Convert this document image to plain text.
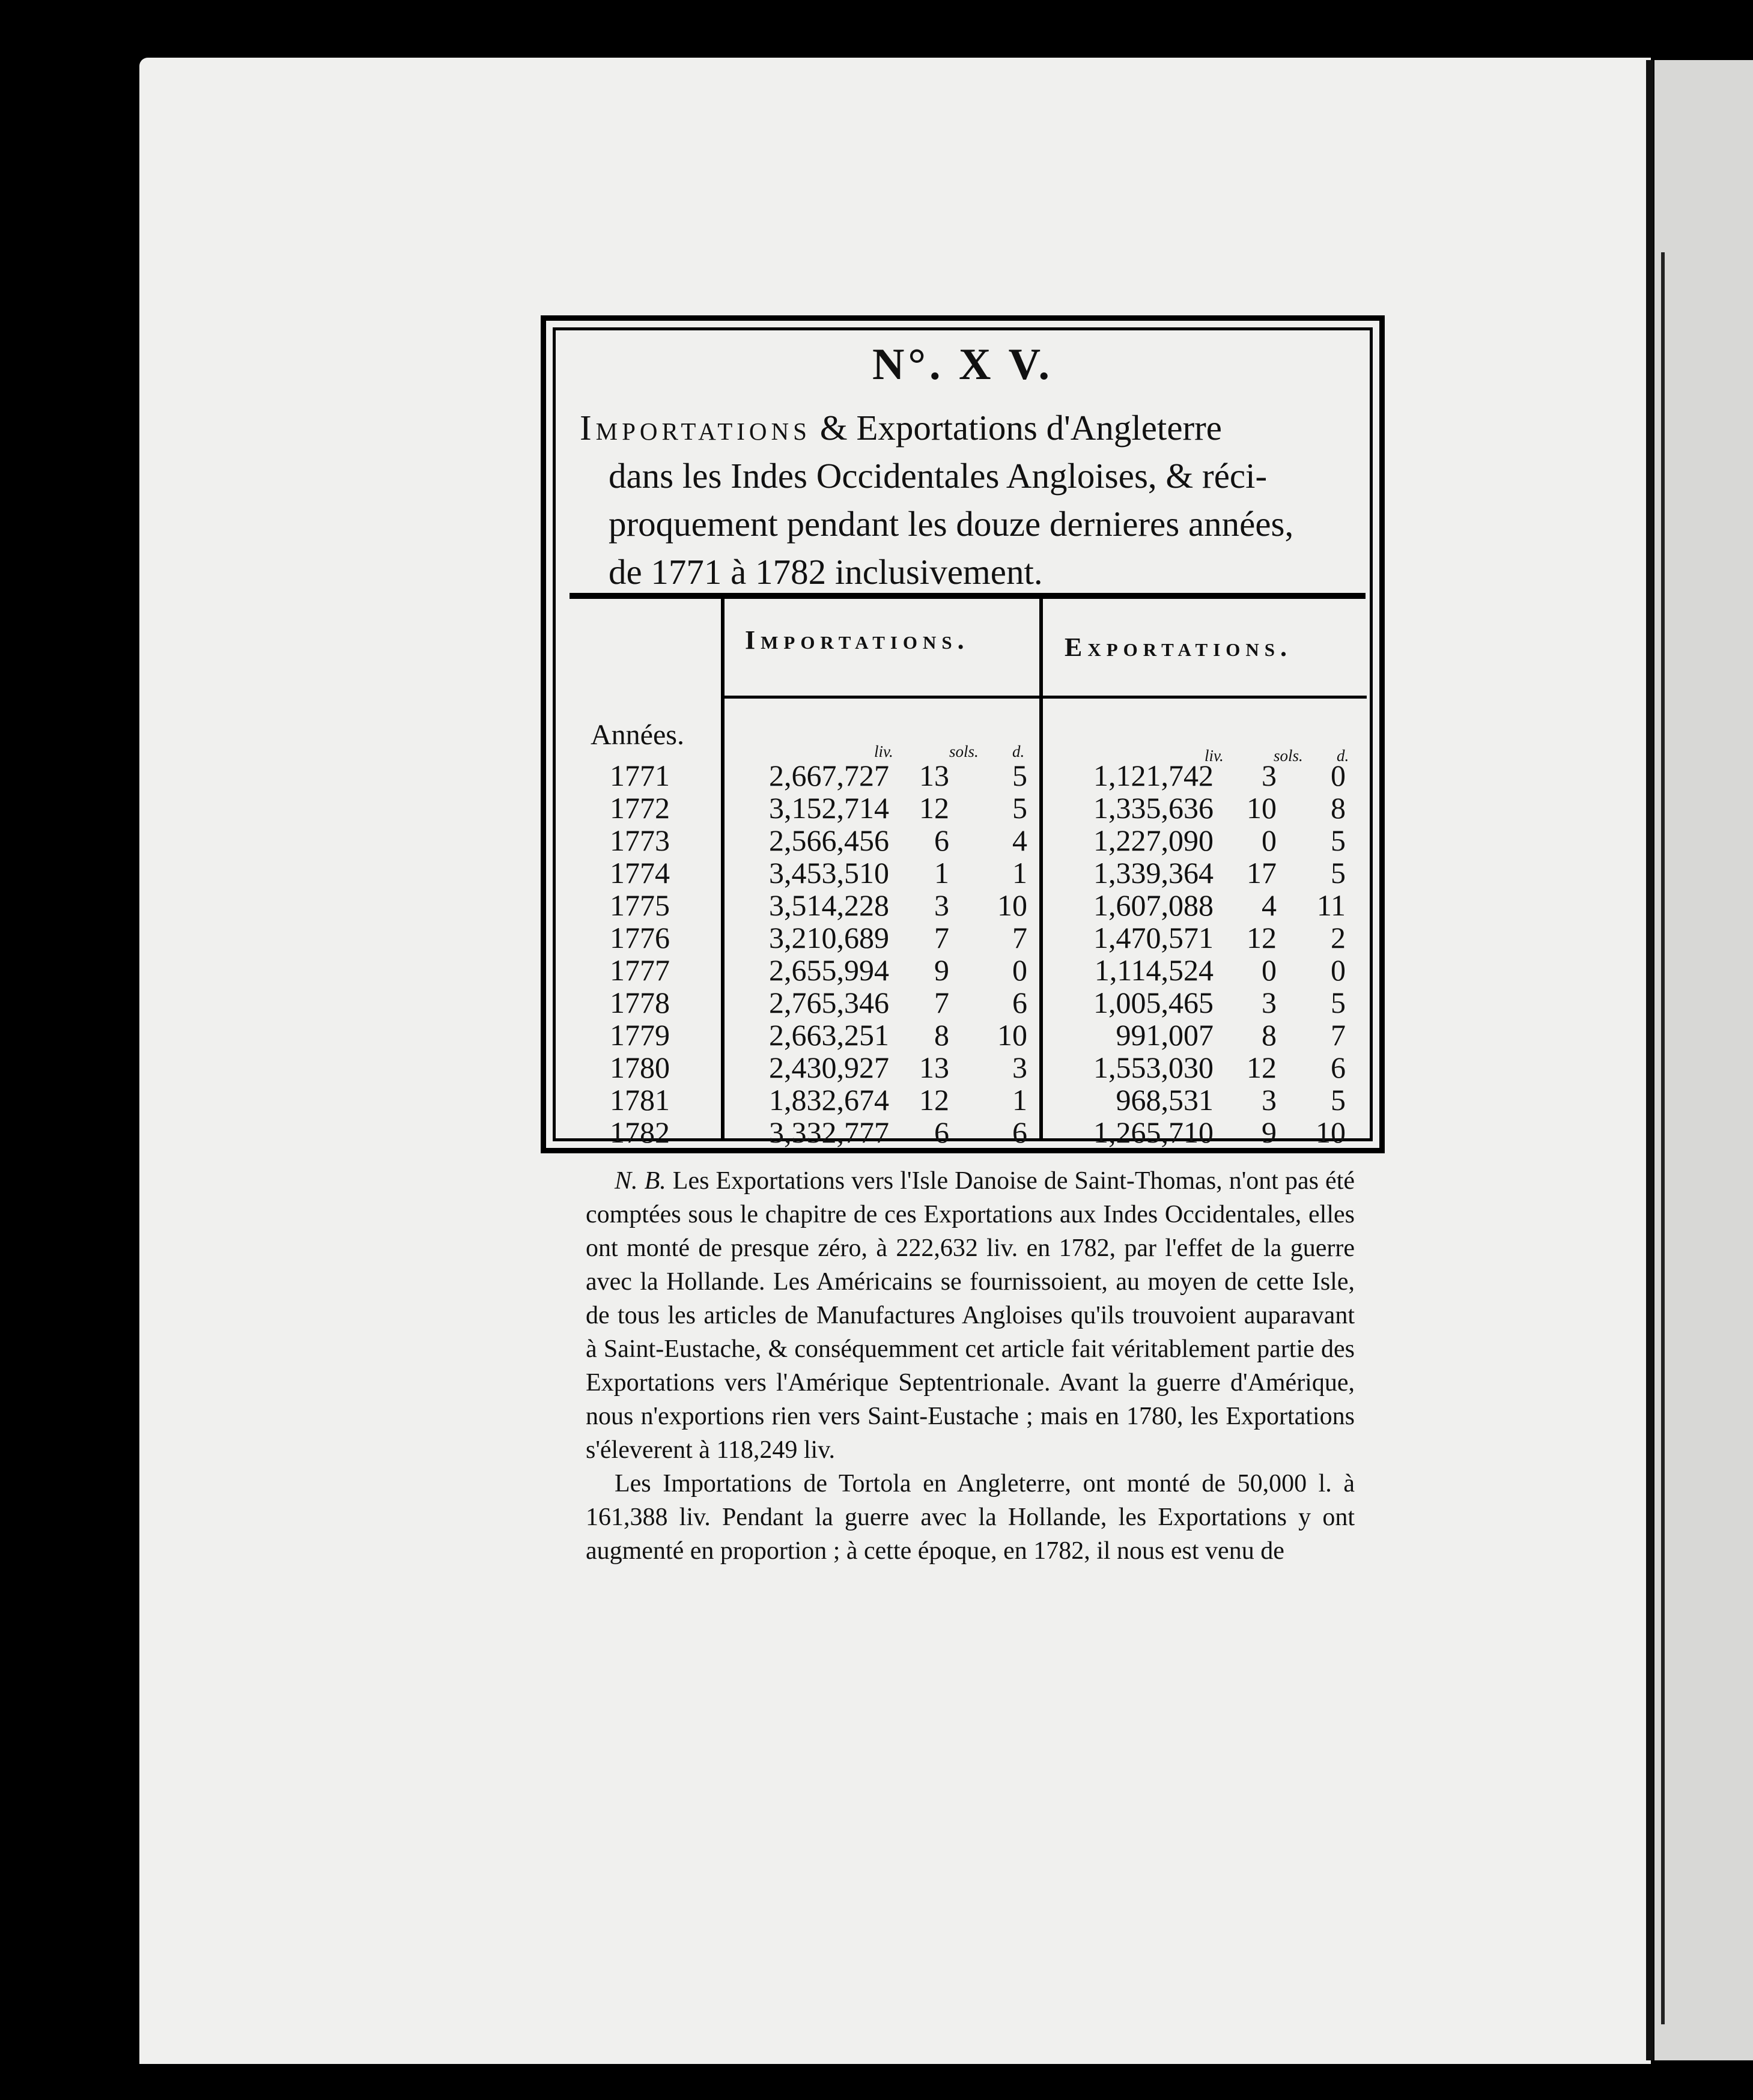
N°. X V.
Importations & Exportations d'Angleterre
dans les Indes Occidentales Angloises, & réci-
proquement pendant les douze dernieres années,
de 1771 à 1782 inclusivement.
Importations.	Exportations.
Années.
liv.	sols. d.	liv.	sols. d.
1771	2,667,727	13	5	1,121,742	3	0
1772	3,152,714	12	5	1,335,636	10	8
1773	2,566,456	6	4	1,227,090	0	5
1774	3,453,510	1	1	1,339,364	17	5
1775	3,514,228	3	10	1,607,088	4	11
1776	3,210,689	7	7	1,470,571	12	2
1777	2,655,994	9	0	1,114,524	0	0
1778	2,765,346	7	6	1,005,465	3	5
1779	2,663,251	8	10	991,007	8	7
1780	2,430,927	13	3	1,553,030	12	6
1781	1,832,674	12	1	968,531	3	5
1782	3,332,777	6	6	1,265,710	9	10

N. B. Les Exportations vers l'Isle Danoise de Saint-Thomas, n'ont pas été comptées sous le chapitre de ces Exportations aux Indes Occidentales, elles ont monté de presque zéro, à 222,632 liv. en 1782, par l'effet de la guerre avec la Hollande. Les Américains se fournissoient, au moyen de cette Isle, de tous les articles de Manufactures Angloises qu'ils trouvoient auparavant à Saint-Eustache, & conséquemment cet article fait véritablement partie des Exportations vers l'Amérique Septentrionale. Avant la guerre d'Amérique, nous n'exportions rien vers Saint-Eustache ; mais en 1780, les Exportations s'éleverent à 118,249 liv.

Les Importations de Tortola en Angleterre, ont monté de 50,000 l. à 161,388 liv. Pendant la guerre avec la Hollande, les Exportations y ont augmenté en proportion ; à cette époque, en 1782, il nous est venu de
